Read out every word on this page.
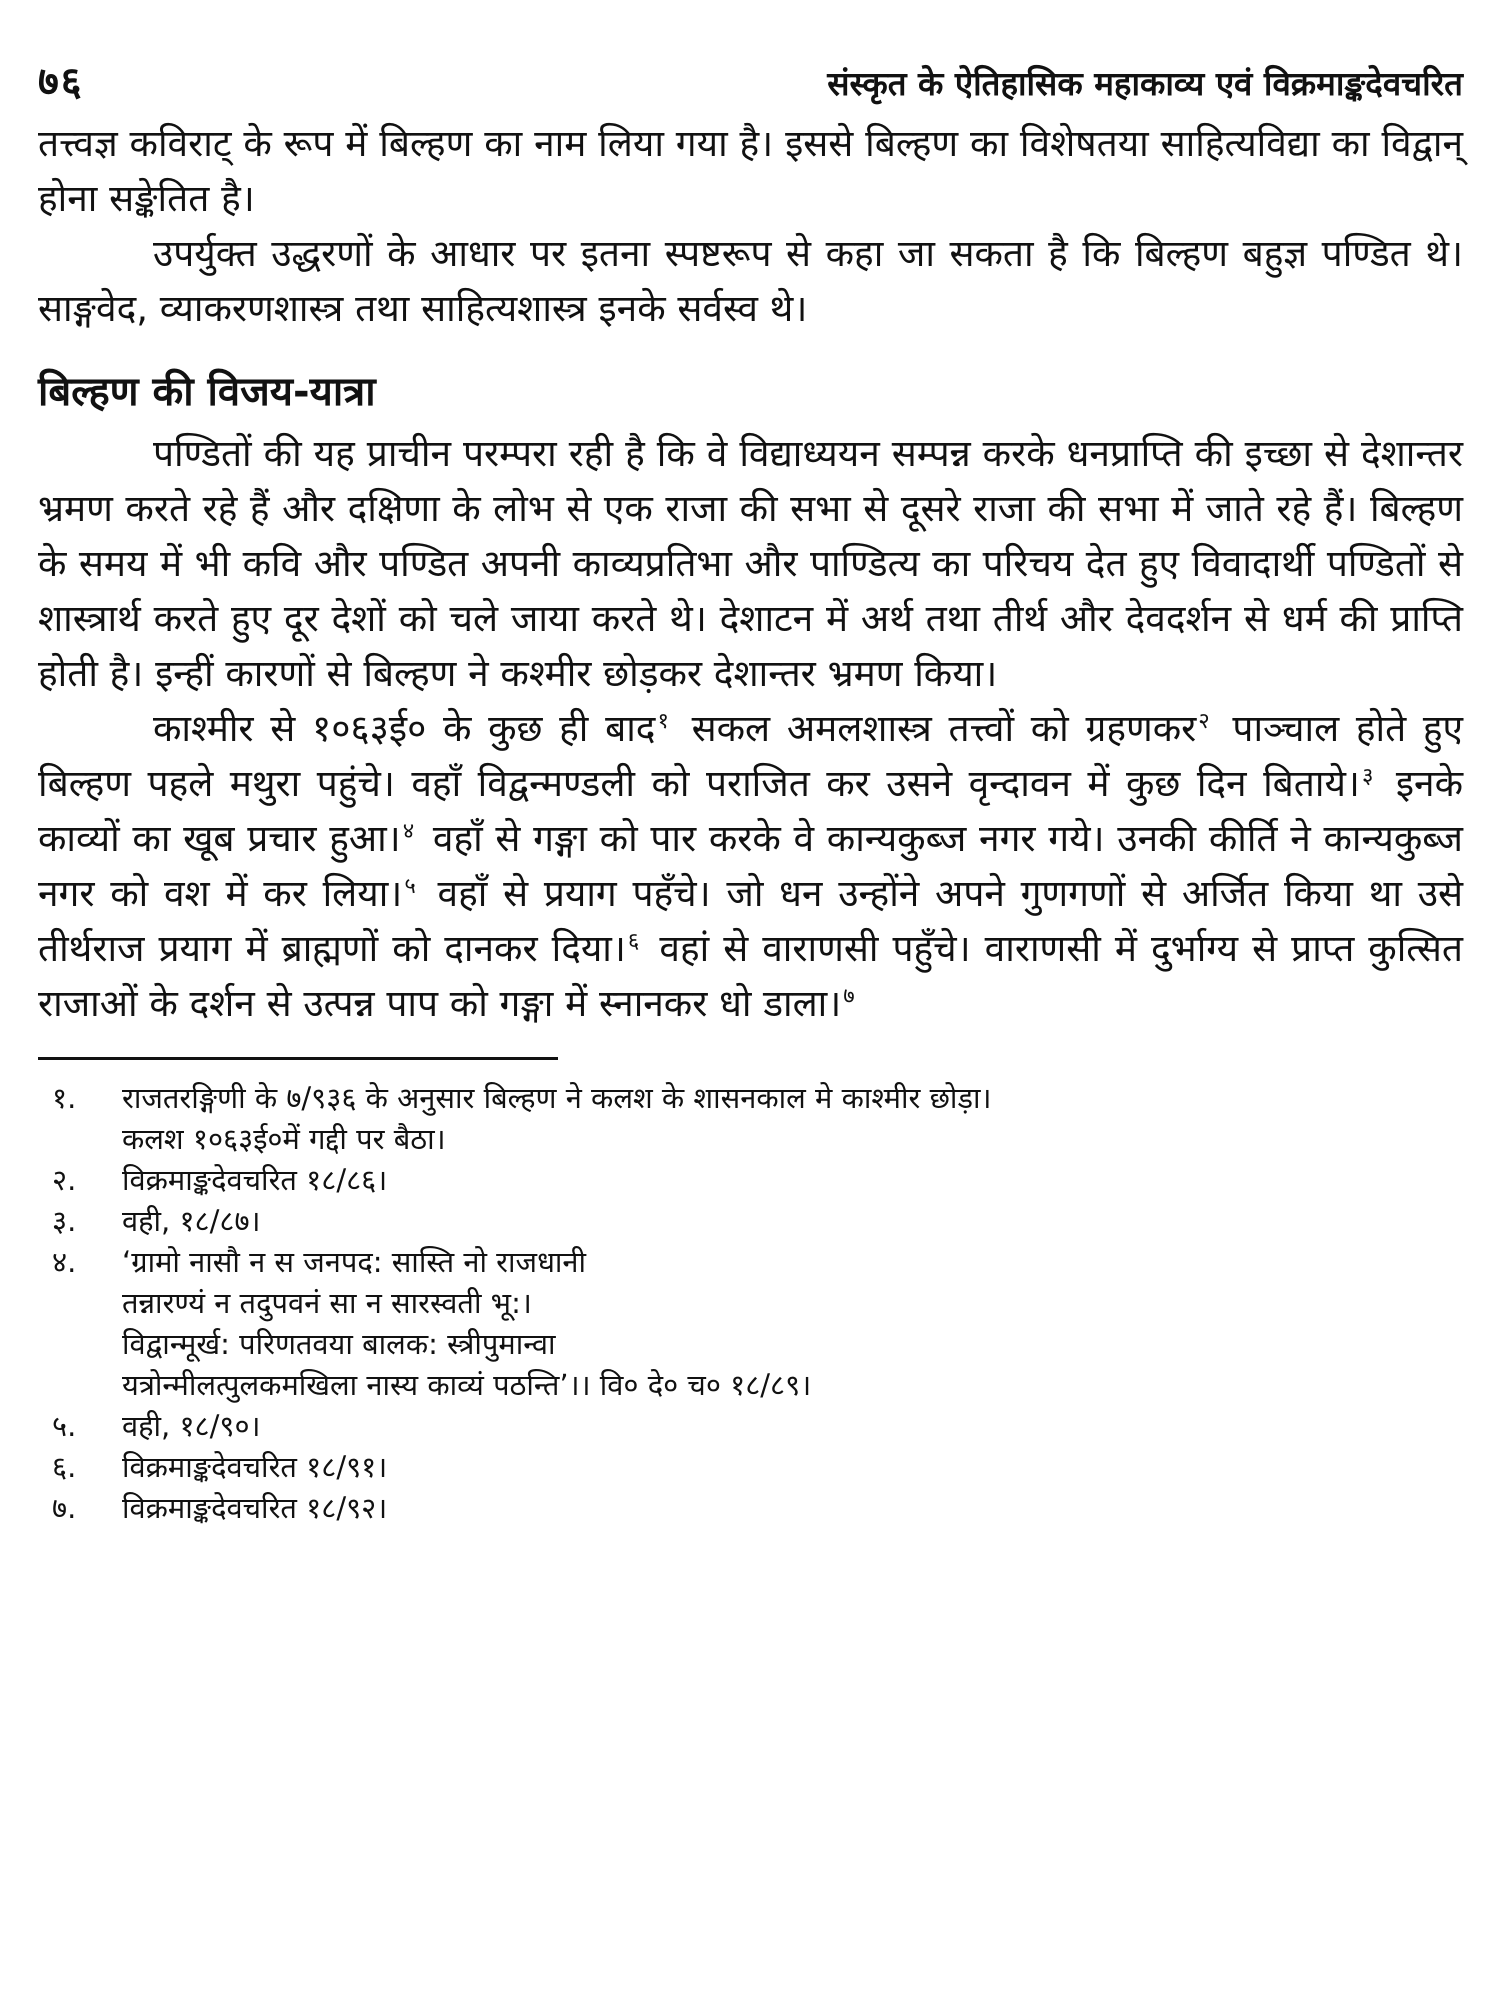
७६	संस्कृत के ऐतिहासिक महाकाव्य एवं विक्रमाङ्कदेवचरित

तत्त्वज्ञ कविराट् के रूप में बिल्हण का नाम लिया गया है। इससे बिल्हण का विशेषतया साहित्यविद्या का विद्वान् होना सङ्केतित है।

उपर्युक्त उद्धरणों के आधार पर इतना स्पष्टरूप से कहा जा सकता है कि बिल्हण बहुज्ञ पण्डित थे। साङ्गवेद, व्याकरणशास्त्र तथा साहित्यशास्त्र इनके सर्वस्व थे।

बिल्हण की विजय-यात्रा

पण्डितों की यह प्राचीन परम्परा रही है कि वे विद्याध्ययन सम्पन्न करके धनप्राप्ति की इच्छा से देशान्तर भ्रमण करते रहे हैं और दक्षिणा के लोभ से एक राजा की सभा से दूसरे राजा की सभा में जाते रहे हैं। बिल्हण के समय में भी कवि और पण्डित अपनी काव्यप्रतिभा और पाण्डित्य का परिचय देत हुए विवादार्थी पण्डितों से शास्त्रार्थ करते हुए दूर देशों को चले जाया करते थे। देशाटन में अर्थ तथा तीर्थ और देवदर्शन से धर्म की प्राप्ति होती है। इन्हीं कारणों से बिल्हण ने कश्मीर छोड़कर देशान्तर भ्रमण किया।

काश्मीर से १०६३ई० के कुछ ही बाद$^१$ सकल अमलशास्त्र तत्त्वों को ग्रहणकर$^२$ पाञ्चाल होते हुए बिल्हण पहले मथुरा पहुंचे। वहाँ विद्वन्मण्डली को पराजित कर उसने वृन्दावन में कुछ दिन बिताये।$^३$ इनके काव्यों का खूब प्रचार हुआ।$^४$ वहाँ से गङ्गा को पार करके वे कान्यकुब्ज नगर गये। उनकी कीर्ति ने कान्यकुब्ज नगर को वश में कर लिया।$^५$ वहाँ से प्रयाग पहँचे। जो धन उन्होंने अपने गुणगणों से अर्जित किया था उसे तीर्थराज प्रयाग में ब्राह्मणों को दानकर दिया।$^६$ वहां से वाराणसी पहुँचे। वाराणसी में दुर्भाग्य से प्राप्त कुत्सित राजाओं के दर्शन से उत्पन्न पाप को गङ्गा में स्नानकर धो डाला।$^७$

१.	राजतरङ्गिणी के ७/९३६ के अनुसार बिल्हण ने कलश के शासनकाल मे काश्मीर छोड़ा।
कलश १०६३ई०में गद्दी पर बैठा।
२.	विक्रमाङ्कदेवचरित १८/८६।
३.	वही, १८/८७।
४.	‘ग्रामो नासौ न स जनपद: सास्ति नो राजधानी
तन्नारण्यं न तदुपवनं सा न सारस्वती भू:।
विद्वान्मूर्ख: परिणतवया बालक: स्त्रीपुमान्वा
यत्रोन्मीलत्पुलकमखिला नास्य काव्यं पठन्ति’।। वि० दे० च० १८/८९।
५.	वही, १८/९०।
६.	विक्रमाङ्कदेवचरित १८/९१।
७.	विक्रमाङ्कदेवचरित १८/९२।
